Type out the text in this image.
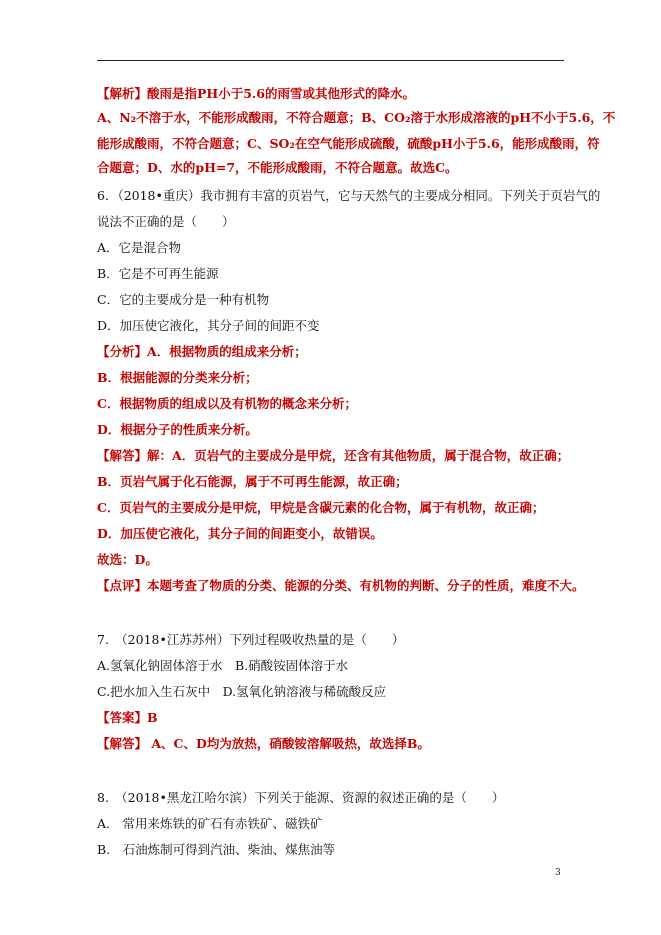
【解析】酸雨是指PH小于5.6的雨雪或其他形式的降水。
A、N₂不溶于水，不能形成酸雨，不符合题意；B、CO₂溶于水形成溶液的pH不小于5.6，不
能形成酸雨，不符合题意；C、SO₂在空气能形成硫酸，硫酸pH小于5.6，能形成酸雨，符
合题意；D、水的pH=7，不能形成酸雨，不符合题意。故选C。
6．（2018•重庆）我市拥有丰富的页岩气，它与天然气的主要成分相同。下列关于页岩气的
说法不正确的是（　　）
A．它是混合物
B．它是不可再生能源
C．它的主要成分是一种有机物
D．加压使它液化，其分子间的间距不变
【分析】A．根据物质的组成来分析；
B．根据能源的分类来分析；
C．根据物质的组成以及有机物的概念来分析；
D．根据分子的性质来分析。
【解答】解：A．页岩气的主要成分是甲烷，还含有其他物质，属于混合物，故正确；
B．页岩气属于化石能源，属于不可再生能源，故正确；
C．页岩气的主要成分是甲烷，甲烷是含碳元素的化合物，属于有机物，故正确；
D．加压使它液化，其分子间的间距变小，故错误。
故选：D。
【点评】本题考查了物质的分类、能源的分类、有机物的判断、分子的性质，难度不大。
7.　（2018•江苏苏州）下列过程吸收热量的是（　　）
A.氢氧化钠固体溶于水　B.硝酸铵固体溶于水
C.把水加入生石灰中　D.氢氧化钠溶液与稀硫酸反应
【答案】B
【解答】 A、C、D均为放热，硝酸铵溶解吸热，故选择B。
8.　（2018•黑龙江哈尔滨）下列关于能源、资源的叙述正确的是（　　）
A.　常用来炼铁的矿石有赤铁矿、磁铁矿
B.　石油炼制可得到汽油、柴油、煤焦油等
3
